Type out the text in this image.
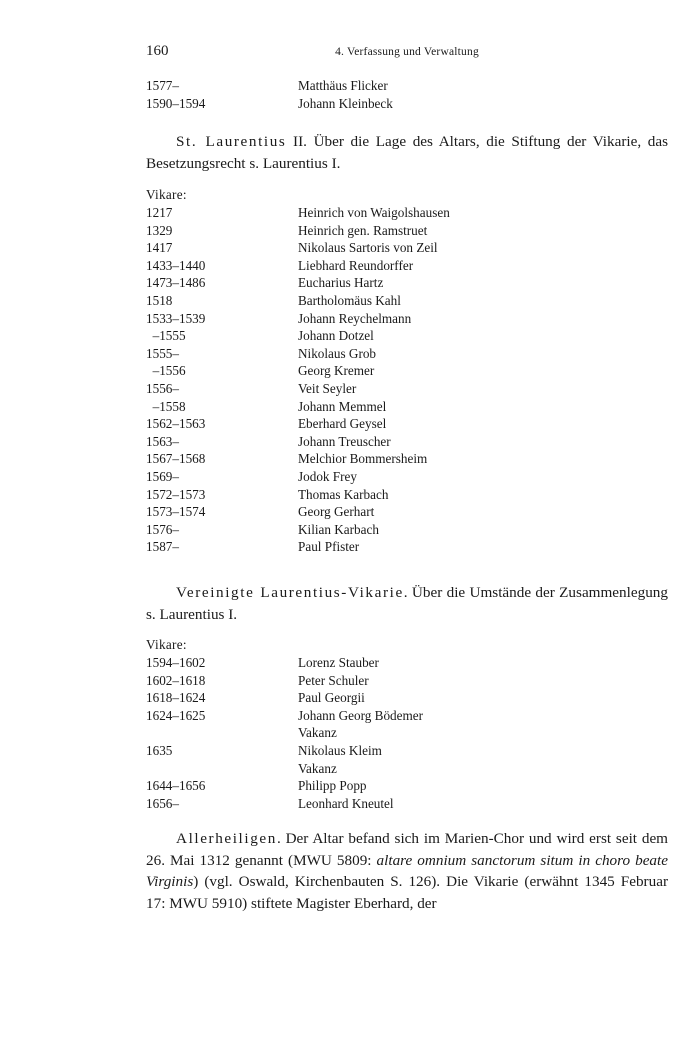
160	4. Verfassung und Verwaltung
1577–	Matthäus Flicker
1590–1594	Johann Kleinbeck
St. Laurentius II. Über die Lage des Altars, die Stiftung der Vikarie, das Besetzungsrecht s. Laurentius I.
Vikare:
1217	Heinrich von Waigolshausen
1329	Heinrich gen. Ramstruet
1417	Nikolaus Sartoris von Zeil
1433–1440	Liebhard Reundorffer
1473–1486	Eucharius Hartz
1518	Bartholomäus Kahl
1533–1539	Johann Reychelmann
–1555	Johann Dotzel
1555–	Nikolaus Grob
–1556	Georg Kremer
1556–	Veit Seyler
–1558	Johann Memmel
1562–1563	Eberhard Geysel
1563–	Johann Treuscher
1567–1568	Melchior Bommersheim
1569–	Jodok Frey
1572–1573	Thomas Karbach
1573–1574	Georg Gerhart
1576–	Kilian Karbach
1587–	Paul Pfister
Vereinigte Laurentius-Vikarie. Über die Umstände der Zusammenlegung s. Laurentius I.
Vikare:
1594–1602	Lorenz Stauber
1602–1618	Peter Schuler
1618–1624	Paul Georgii
1624–1625	Johann Georg Bödemer
Vakanz
1635	Nikolaus Kleim
Vakanz
1644–1656	Philipp Popp
1656–	Leonhard Kneutel
Allerheiligen. Der Altar befand sich im Marien-Chor und wird erst seit dem 26. Mai 1312 genannt (MWU 5809: altare omnium sanctorum situm in choro beate Virginis) (vgl. Oswald, Kirchenbauten S. 126). Die Vikarie (erwähnt 1345 Februar 17: MWU 5910) stiftete Magister Eberhard, der
